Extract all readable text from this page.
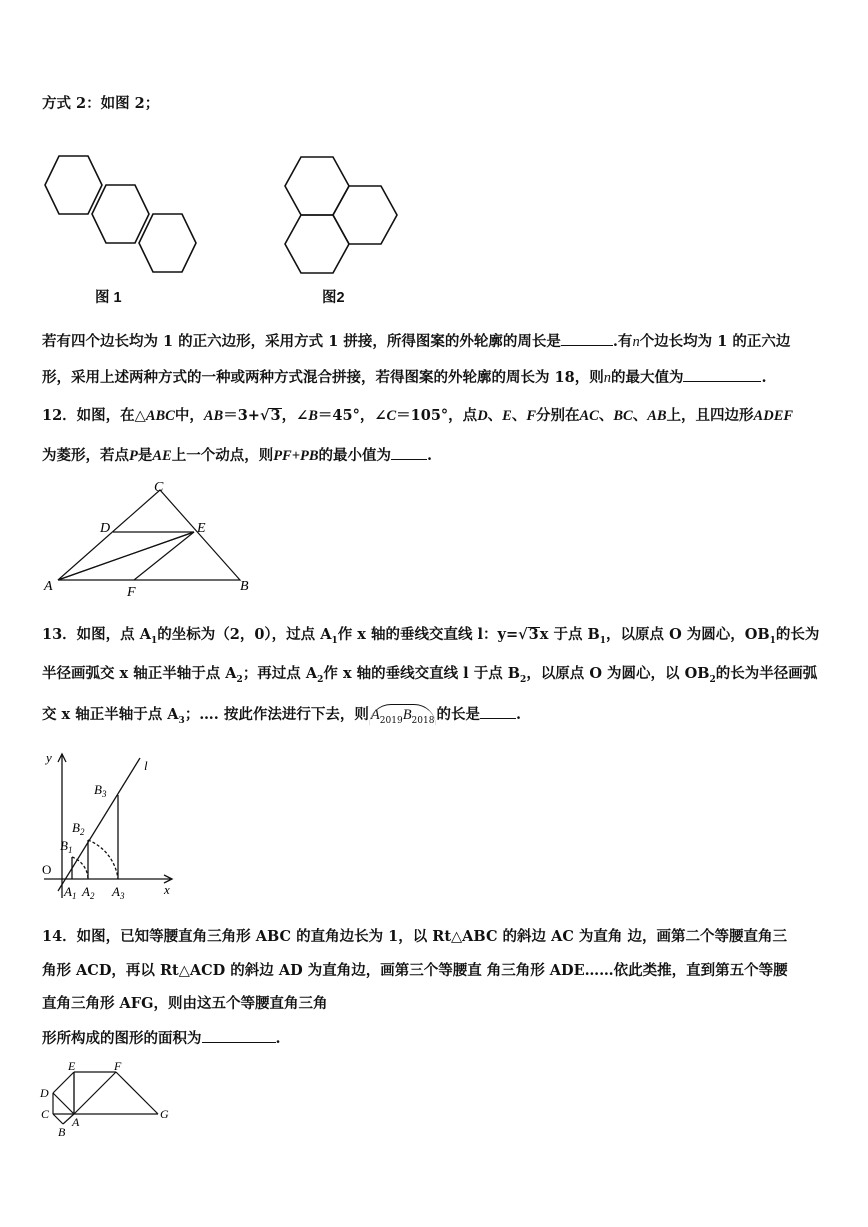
方式 2：如图 2；
图 1	图2
若有四个边长均为 1 的正六边形，采用方式 1 拼接，所得图案的外轮廓的周长是	.有n个边长均为 1 的正六边
形，采用上述两种方式的一种或两种方式混合拼接，若得图案的外轮廓的周长为 18，则n的最大值为	.
12．如图，在△ABC中，AB＝3+√3，∠B＝45°，∠C＝105°，点D、E、F分别在AC、BC、AB上，且四边形ADEF
为菱形，若点P是AE上一个动点，则PF+PB的最小值为 .
C
D	E
A	B
F
13．如图，点 $A_1$的坐标为（2，0），过点 $A_1$作 x 轴的垂线交直线 l：y=√3x 于点 $B_1$，以原点 O 为圆心，$OB_1$的长为
半径画弧交 x 轴正半轴于点 $A_2$；再过点 $A_2$作 x 轴的垂线交直线 l 于点 $B_2$，以原点 O 为圆心，以 $OB_2$的长为半径画弧
交 x 轴正半轴于点 $A_3$；…. 按此作法进行下去，则 $A_{2019}B_{2018}$ 的长是 .
y
l
x
O
$B_3$
$B_2$
$B_1$
$A_1$ $A_2$ $A_3$
14．如图，已知等腰直角三角形 ABC 的直角边长为 1，以 Rt△ABC 的斜边 AC 为直角 边，画第二个等腰直角三
角形 ACD，再以 Rt△ACD 的斜边 AD 为直角边，画第三个等腰直 角三角形 ADE……依此类推，直到第五个等腰
直角三角形 AFG，则由这五个等腰直角三角
形所构成的图形的面积为	.
E	F
D
C
A
B
G
